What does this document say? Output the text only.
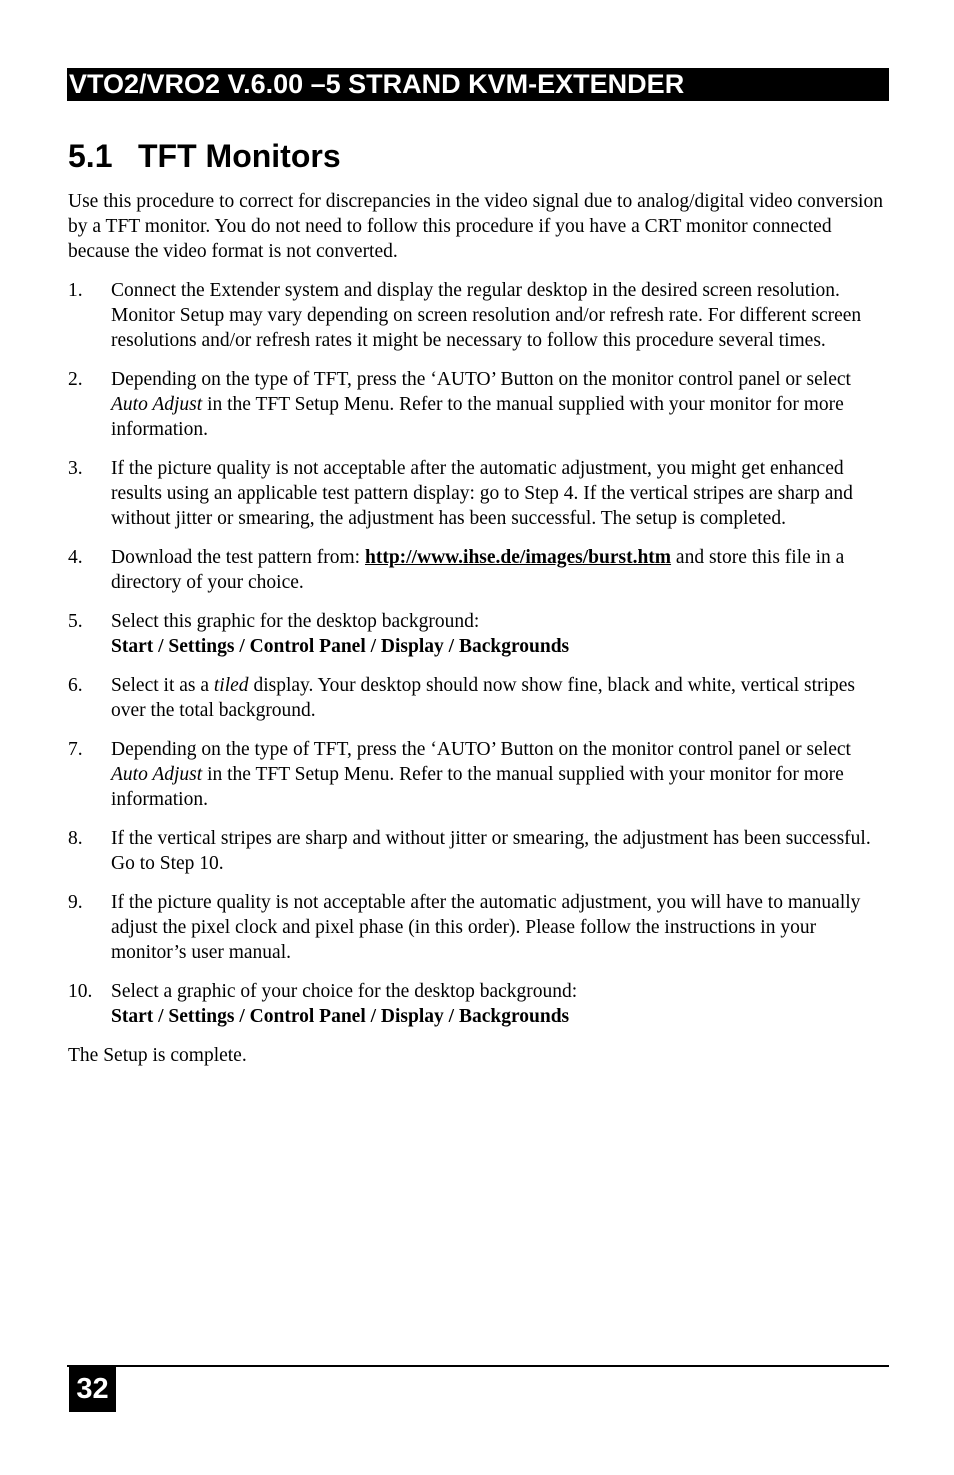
VTO2/VRO2 V.6.00 –5 STRAND KVM-EXTENDER
5.1 TFT Monitors

Use this procedure to correct for discrepancies in the video signal due to analog/digital video conversion by a TFT monitor. You do not need to follow this procedure if you have a CRT monitor connected because the video format is not converted.

1. Connect the Extender system and display the regular desktop in the desired screen resolution. Monitor Setup may vary depending on screen resolution and/or refresh rate. For different screen resolutions and/or refresh rates it might be necessary to follow this procedure several times.
2. Depending on the type of TFT, press the ‘AUTO’ Button on the monitor control panel or select Auto Adjust in the TFT Setup Menu. Refer to the manual supplied with your monitor for more information.
3. If the picture quality is not acceptable after the automatic adjustment, you might get enhanced results using an applicable test pattern display: go to Step 4. If the vertical stripes are sharp and without jitter or smearing, the adjustment has been successful. The setup is completed.
4. Download the test pattern from: http://www.ihse.de/images/burst.htm and store this file in a directory of your choice.
5. Select this graphic for the desktop background:
Start / Settings / Control Panel / Display / Backgrounds
6. Select it as a tiled display. Your desktop should now show fine, black and white, vertical stripes over the total background.
7. Depending on the type of TFT, press the ‘AUTO’ Button on the monitor control panel or select Auto Adjust in the TFT Setup Menu. Refer to the manual supplied with your monitor for more information.
8. If the vertical stripes are sharp and without jitter or smearing, the adjustment has been successful. Go to Step 10.
9. If the picture quality is not acceptable after the automatic adjustment, you will have to manually adjust the pixel clock and pixel phase (in this order). Please follow the instructions in your monitor’s user manual.
10. Select a graphic of your choice for the desktop background:
Start / Settings / Control Panel / Display / Backgrounds

The Setup is complete.

32
